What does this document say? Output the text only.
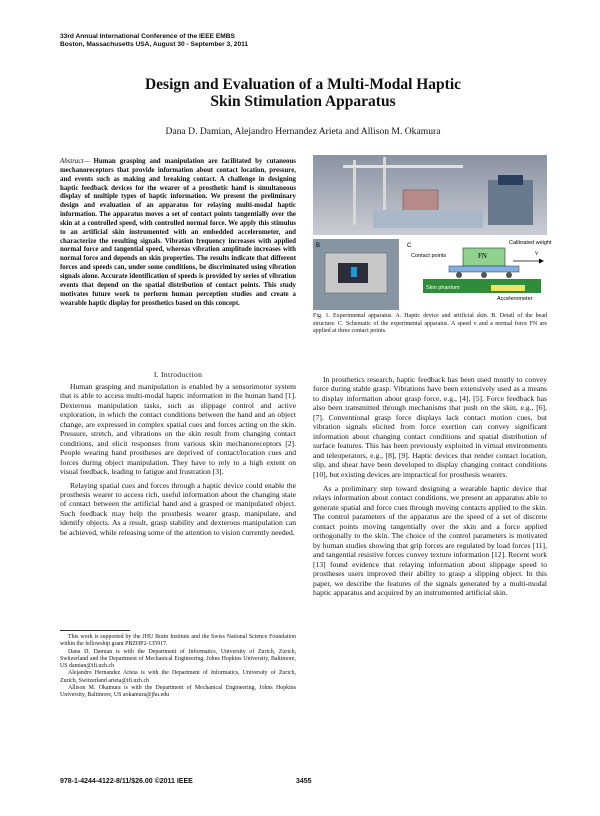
33rd Annual International Conference of the IEEE EMBS
Boston, Massachusetts USA, August 30 - September 3, 2011
Design and Evaluation of a Multi-Modal Haptic
Skin Stimulation Apparatus
Dana D. Damian, Alejandro Hernandez Arieta and Allison M. Okamura
Abstract— Human grasping and manipulation are facilitated by cutaneous mechanoreceptors that provide information about contact location, pressure, and events such as making and breaking contact. A challenge in designing haptic feedback devices for the wearer of a prosthetic hand is simultaneous display of multiple types of haptic information. We present the preliminary design and evaluation of an apparatus for relaying multi-modal haptic information. The apparatus moves a set of contact points tangentially over the skin at a controlled speed, with controlled normal force. We apply this stimulus to an artificial skin instrumented with an embedded accelerometer, and characterize the resulting signals. Vibration frequency increases with applied normal force and tangential speed, whereas vibration amplitude increases with normal force and depends on skin properties. The results indicate that different forces and speeds can, under some conditions, be discriminated using vibration signals alone. Accurate identification of speeds is provided by series of vibration events that depend on the spatial distribution of contact points. This study motivates future work to perform human perception studies and create a wearable haptic display for prosthetics based on this concept.
I. Introduction

Human grasping and manipulation is enabled by a sensorimotor system that is able to access multi-modal haptic information in the human hand [1]. Dexterous manipulation tasks, such as slippage control and active exploration, in which the contact conditions between the hand and an object change, are expressed in complex spatial cues and forces acting on the skin. Pressure, stretch, and vibrations on the skin result from changing contact conditions, and elicit responses from various skin mechanoreceptors [2]. People wearing hand prostheses are deprived of contact/location cues and forces during object manipulation. They have to rely to a high extent on visual feedback, leading to fatigue and frustration [3].

Relaying spatial cues and forces through a haptic device could enable the prosthesis wearer to access rich, useful information about the changing state of contact between the artificial hand and a grasped or manipulated object. Such feedback may help the prosthesis wearer grasp, manipulate, and identify objects. As a result, grasp stability and dexterous manipulation can be achieved, while releasing some of the attention to vision currently needed.

This work is supported by the JHU Brain Institute and the Swiss National Science Foundation within the fellowship grant PBZHP2-135917.

Dana D. Damian is with the Department of Informatics, University of Zurich, Zurich, Switzerland and the Department of Mechanical Engineering, Johns Hopkins University, Baltimore, US damian@ifi.uzh.ch

Alejandro Hernandez Arieta is with the Department of Informatics, University of Zurich, Zurich, Switzerland arieta@ifi.uzh.ch

Allison M. Okamura is with the Department of Mechanical Engineering, Johns Hopkins University, Baltimore, US aokamura@jhu.edu

B	C
FN	v
Calibrated weight
Contact points
Skin phantom
Accelerometer
Fig. 1. Experimental apparatus. A. Haptic device and artificial skin. B. Detail of the bead structure. C. Schematic of the experimental apparatus. A speed v and a normal force FN are applied at three contact points.

In prosthetics research, haptic feedback has been used mostly to convey force during stable grasp. Vibrations have been extensively used as a means to display information about grasp force, e.g., [4], [5]. Force feedback has also been transmitted through mechanisms that push on the skin, e.g., [6], [7]. Conventional grasp force displays lack contact motion cues, but vibration signals elicited from force exertion can convey significant information about changing contact conditions and spatial distribution of surface features. This has been previously exploited in virtual environments and teleoperators, e.g., [8], [9]. Haptic devices that render contact location, slip, and shear have been developed to display changing contact conditions [10], but existing devices are impractical for prosthesis wearers.

As a preliminary step toward designing a wearable haptic device that relays information about contact conditions, we present an apparatus able to generate spatial and force cues through moving contacts applied to the skin. The control parameters of the apparatus are the speed of a set of discrete contact points moving tangentially over the skin and a force applied orthogonally to the skin. The choice of the control parameters is motivated by human studies showing that grip forces are regulated by load forces [11], and tangential resistive forces convey texture information [12]. Recent work [13] found evidence that relaying information about slippage speed to prostheses users improved their ability to grasp a slipping object. In this paper, we describe the features of the signals generated by a multi-modal haptic apparatus and acquired by an instrumented artificial skin.

978-1-4244-4122-8/11/$26.00 ©2011 IEEE	3455
